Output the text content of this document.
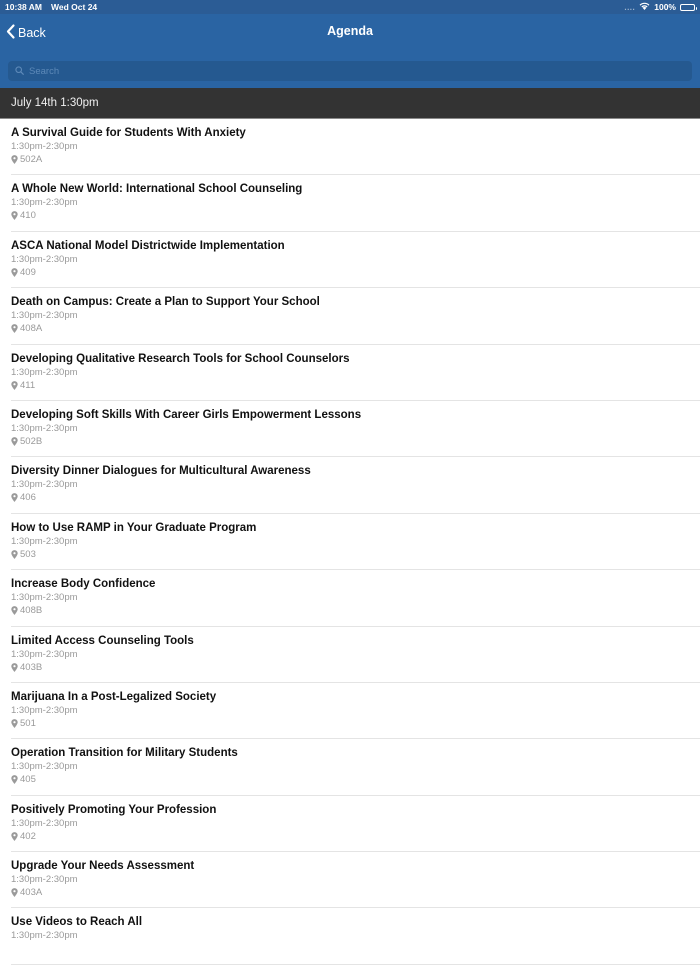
10:38 AM Wed Oct 24	.... 100%
Back	Agenda
Search
July 14th 1:30pm
A Survival Guide for Students With Anxiety
1:30pm-2:30pm
502A
A Whole New World: International School Counseling
1:30pm-2:30pm
410
ASCA National Model Districtwide Implementation
1:30pm-2:30pm
409
Death on Campus: Create a Plan to Support Your School
1:30pm-2:30pm
408A
Developing Qualitative Research Tools for School Counselors
1:30pm-2:30pm
411
Developing Soft Skills With Career Girls Empowerment Lessons
1:30pm-2:30pm
502B
Diversity Dinner Dialogues for Multicultural Awareness
1:30pm-2:30pm
406
How to Use RAMP in Your Graduate Program
1:30pm-2:30pm
503
Increase Body Confidence
1:30pm-2:30pm
408B
Limited Access Counseling Tools
1:30pm-2:30pm
403B
Marijuana In a Post-Legalized Society
1:30pm-2:30pm
501
Operation Transition for Military Students
1:30pm-2:30pm
405
Positively Promoting Your Profession
1:30pm-2:30pm
402
Upgrade Your Needs Assessment
1:30pm-2:30pm
403A
Use Videos to Reach All
1:30pm-2:30pm
